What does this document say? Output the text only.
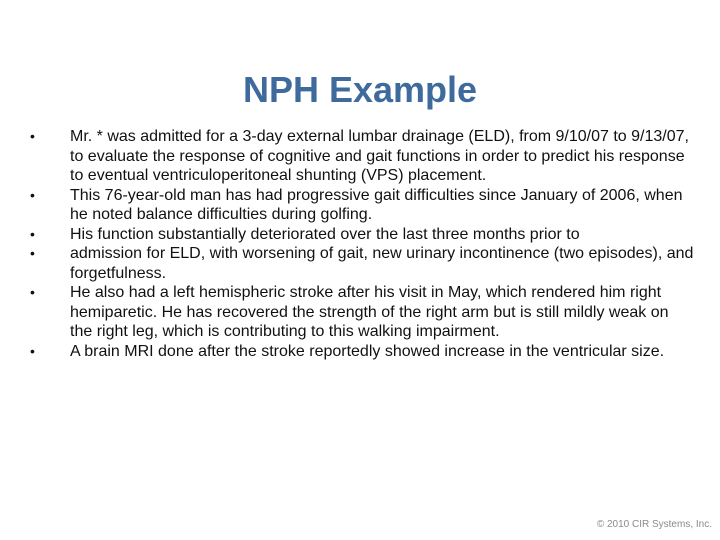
NPH Example
•	Mr. * was admitted for a 3-day external lumbar drainage (ELD), from 9/10/07 to 9/13/07, to evaluate the response of cognitive and gait functions in order to predict his response to eventual ventriculoperitoneal shunting (VPS) placement.
•	This 76-year-old man has had progressive gait difficulties since January of 2006, when he noted balance difficulties during golfing.
•	His function substantially deteriorated over the last three months prior to
•	admission for ELD, with worsening of gait, new urinary incontinence (two episodes), and forgetfulness.
•	He also had a left hemispheric stroke after his visit in May, which rendered him right hemiparetic. He has recovered the strength of the right arm but is still mildly weak on the right leg, which is contributing to this walking impairment.
•	A brain MRI done after the stroke reportedly showed increase in the ventricular size.
© 2010 CIR Systems, Inc.
